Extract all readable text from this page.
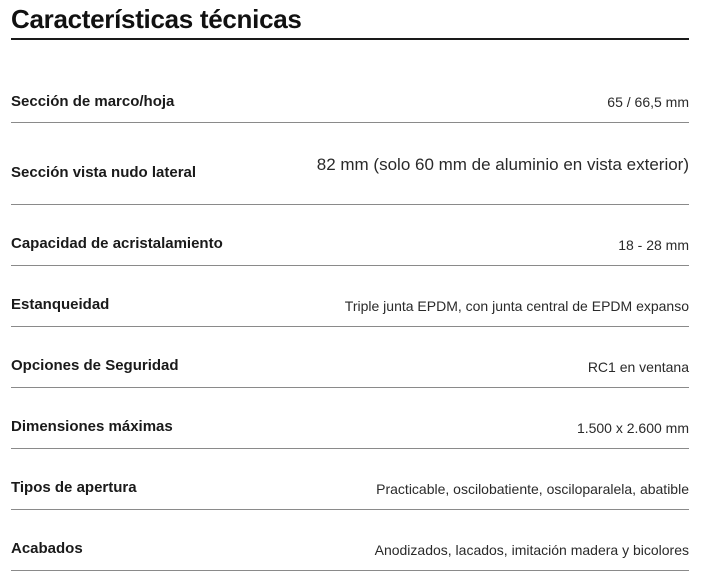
Características técnicas
Sección de marco/hoja	65 / 66,5 mm
Sección vista nudo lateral	82 mm (solo 60 mm de aluminio en vista exterior)
Capacidad de acristalamiento	18 - 28 mm
Estanqueidad	Triple junta EPDM, con junta central de EPDM expanso
Opciones de Seguridad	RC1 en ventana
Dimensiones máximas	1.500 x 2.600 mm
Tipos de apertura	Practicable, oscilobatiente, osciloparalela, abatible
Acabados	Anodizados, lacados, imitación madera y bicolores
